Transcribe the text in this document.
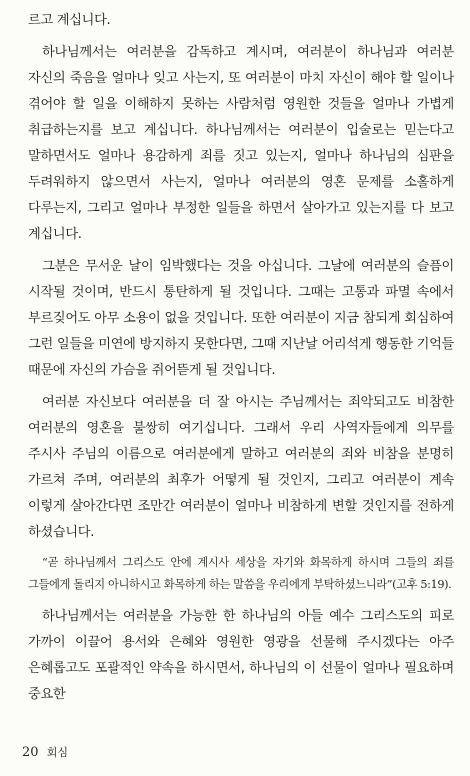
르고 계십니다.

하나님께서는 여러분을 감독하고 계시며, 여러분이 하나님과 여러분 자신의 죽음을 얼마나 잊고 사는지, 또 여러분이 마치 자신이 해야 할 일이나 겪어야 할 일을 이해하지 못하는 사람처럼 영원한 것들을 얼마나 가볍게 취급하는지를 보고 계십니다. 하나님께서는 여러분이 입술로는 믿는다고 말하면서도 얼마나 용감하게 죄를 짓고 있는지, 얼마나 하나님의 심판을 두려워하지 않으면서 사는지, 얼마나 여러분의 영혼 문제를 소홀하게 다루는지, 그리고 얼마나 부정한 일들을 하면서 살아가고 있는지를 다 보고 계십니다.

그분은 무서운 날이 임박했다는 것을 아십니다. 그날에 여러분의 슬픔이 시작될 것이며, 반드시 통탄하게 될 것입니다. 그때는 고통과 파멸 속에서 부르짖어도 아무 소용이 없을 것입니다. 또한 여러분이 지금 참되게 회심하여 그런 일들을 미연에 방지하지 못한다면, 그때 지난날 어리석게 행동한 기억들 때문에 자신의 가슴을 쥐어뜯게 될 것입니다.

여러분 자신보다 여러분을 더 잘 아시는 주님께서는 죄악되고도 비참한 여러분의 영혼을 불쌍히 여기십니다. 그래서 우리 사역자들에게 의무를 주시사 주님의 이름으로 여러분에게 말하고 여러분의 죄와 비참을 분명히 가르쳐 주며, 여러분의 최후가 어떻게 될 것인지, 그리고 여러분이 계속 이렇게 살아간다면 조만간 여러분이 얼마나 비참하게 변할 것인지를 전하게 하셨습니다.

“곧 하나님께서 그리스도 안에 계시사 세상을 자기와 화목하게 하시며 그들의 죄를 그들에게 돌리지 아니하시고 화목하게 하는 말씀을 우리에게 부탁하셨느니라”(고후 5:19).

하나님께서는 여러분을 가능한 한 하나님의 아들 예수 그리스도의 피로 가까이 이끌어 용서와 은혜와 영원한 영광을 선물해 주시겠다는 아주 은혜롭고도 포괄적인 약속을 하시면서, 하나님의 이 선물이 얼마나 필요하며 중요한

20 회심
